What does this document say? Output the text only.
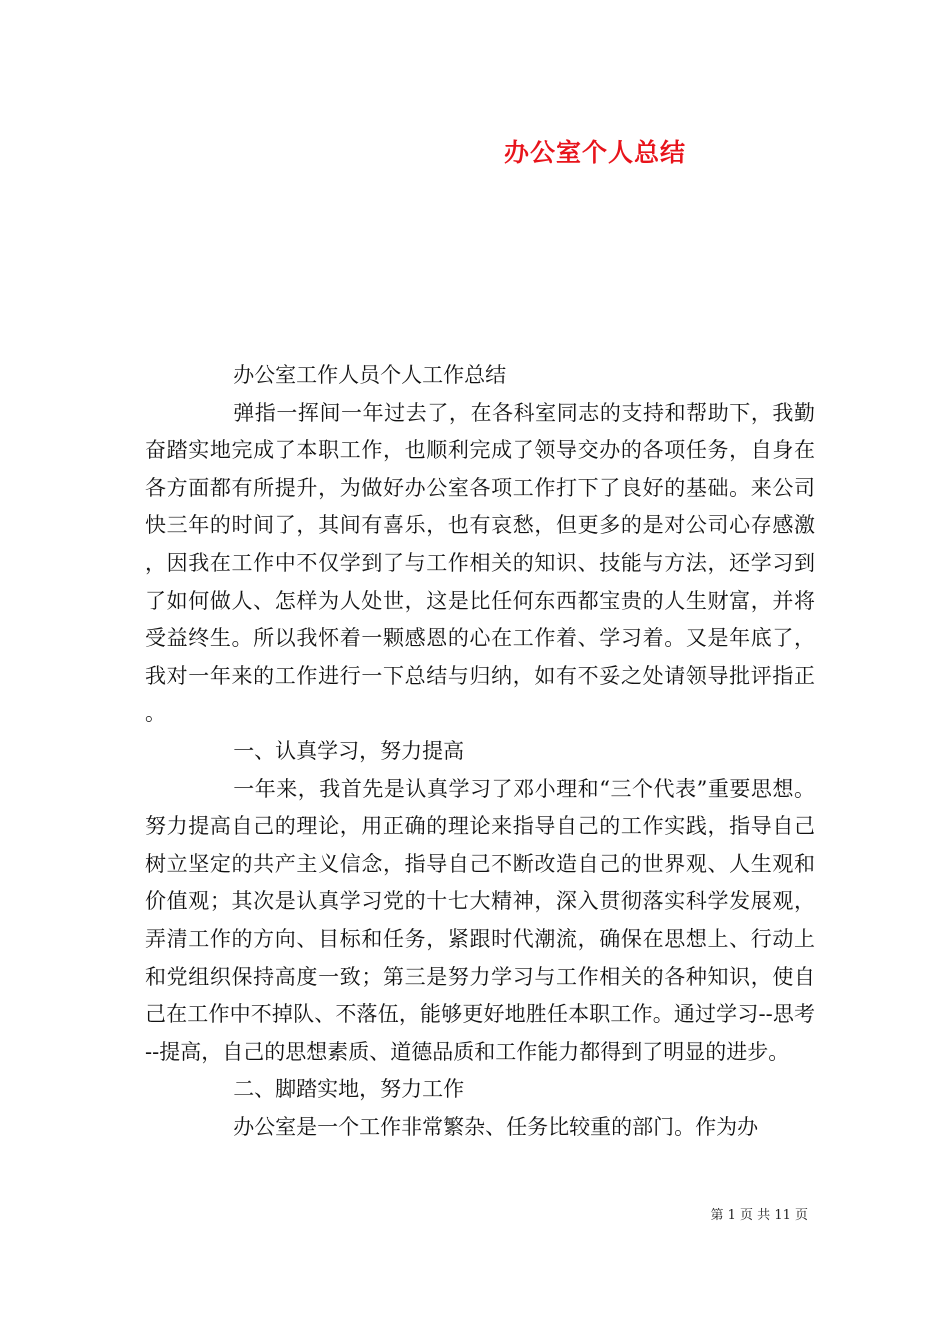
办公室个人总结

办公室工作人员个人工作总结

弹指一挥间一年过去了，在各科室同志的支持和帮助下，我勤奋踏实地完成了本职工作，也顺利完成了领导交办的各项任务，自身在各方面都有所提升，为做好办公室各项工作打下了良好的基础。来公司快三年的时间了，其间有喜乐，也有哀愁，但更多的是对公司心存感激，因我在工作中不仅学到了与工作相关的知识、技能与方法，还学习到了如何做人、怎样为人处世，这是比任何东西都宝贵的人生财富，并将受益终生。所以我怀着一颗感恩的心在工作着、学习着。又是年底了，我对一年来的工作进行一下总结与归纳，如有不妥之处请领导批评指正。

一、认真学习，努力提高

一年来，我首先是认真学习了邓小理和“三个代表”重要思想。努力提高自己的理论，用正确的理论来指导自己的工作实践，指导自己树立坚定的共产主义信念，指导自己不断改造自己的世界观、人生观和价值观；其次是认真学习党的十七大精神，深入贯彻落实科学发展观，弄清工作的方向、目标和任务，紧跟时代潮流，确保在思想上、行动上和党组织保持高度一致；第三是努力学习与工作相关的各种知识，使自己在工作中不掉队、不落伍，能够更好地胜任本职工作。通过学习--思考--提高，自己的思想素质、道德品质和工作能力都得到了明显的进步。

二、脚踏实地，努力工作

办公室是一个工作非常繁杂、任务比较重的部门。作为办

第 1 页 共 11 页
